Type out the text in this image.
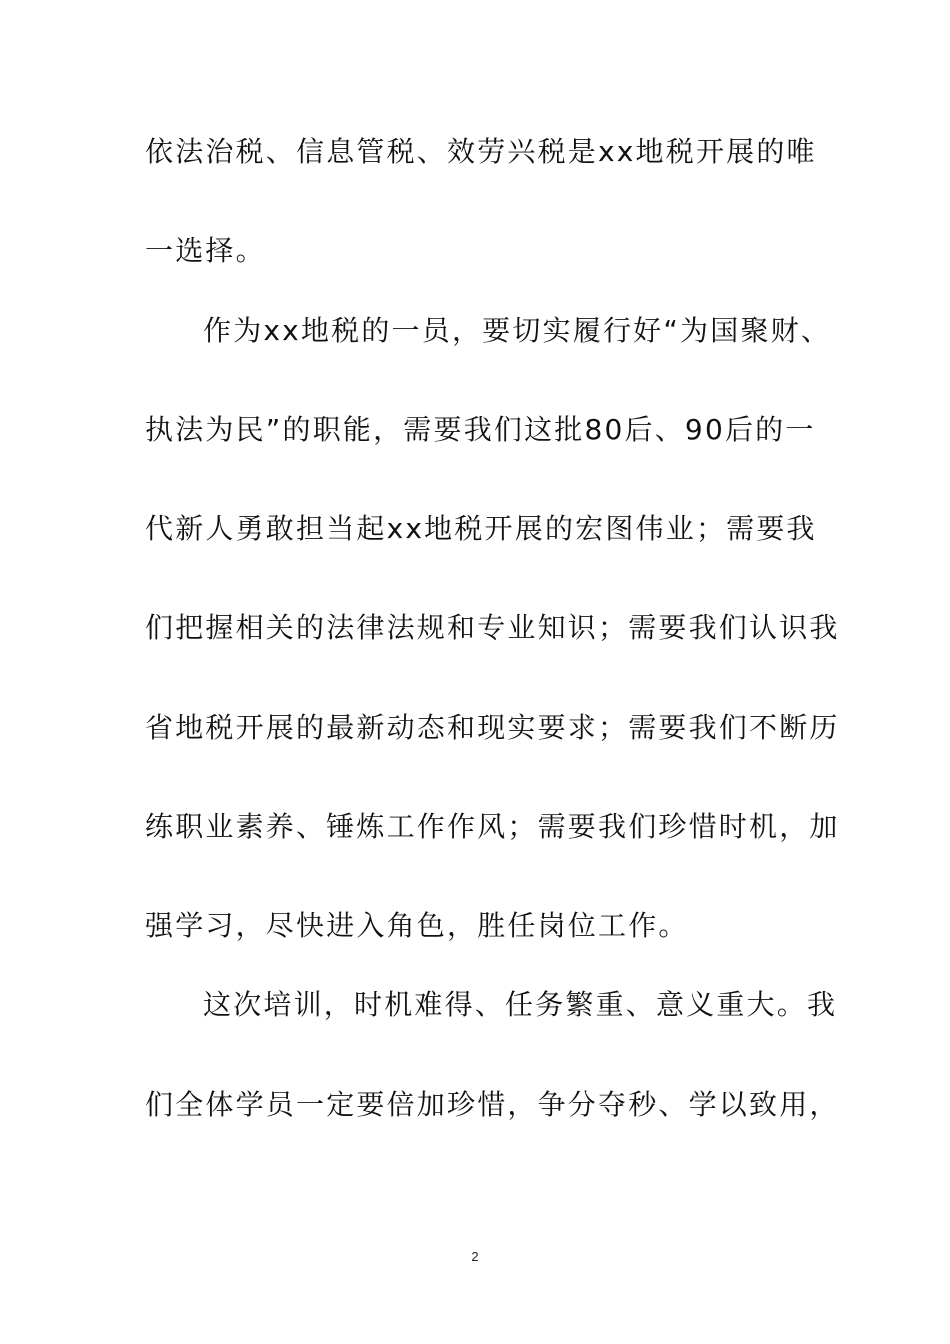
依法治税、信息管税、效劳兴税是xx地税开展的唯
一选择。
作为xx地税的一员，要切实履行好“为国聚财、
执法为民”的职能，需要我们这批80后、90后的一
代新人勇敢担当起xx地税开展的宏图伟业；需要我
们把握相关的法律法规和专业知识；需要我们认识我
省地税开展的最新动态和现实要求；需要我们不断历
练职业素养、锤炼工作作风；需要我们珍惜时机，加
强学习，尽快进入角色，胜任岗位工作。
这次培训，时机难得、任务繁重、意义重大。我
们全体学员一定要倍加珍惜，争分夺秒、学以致用，
2
